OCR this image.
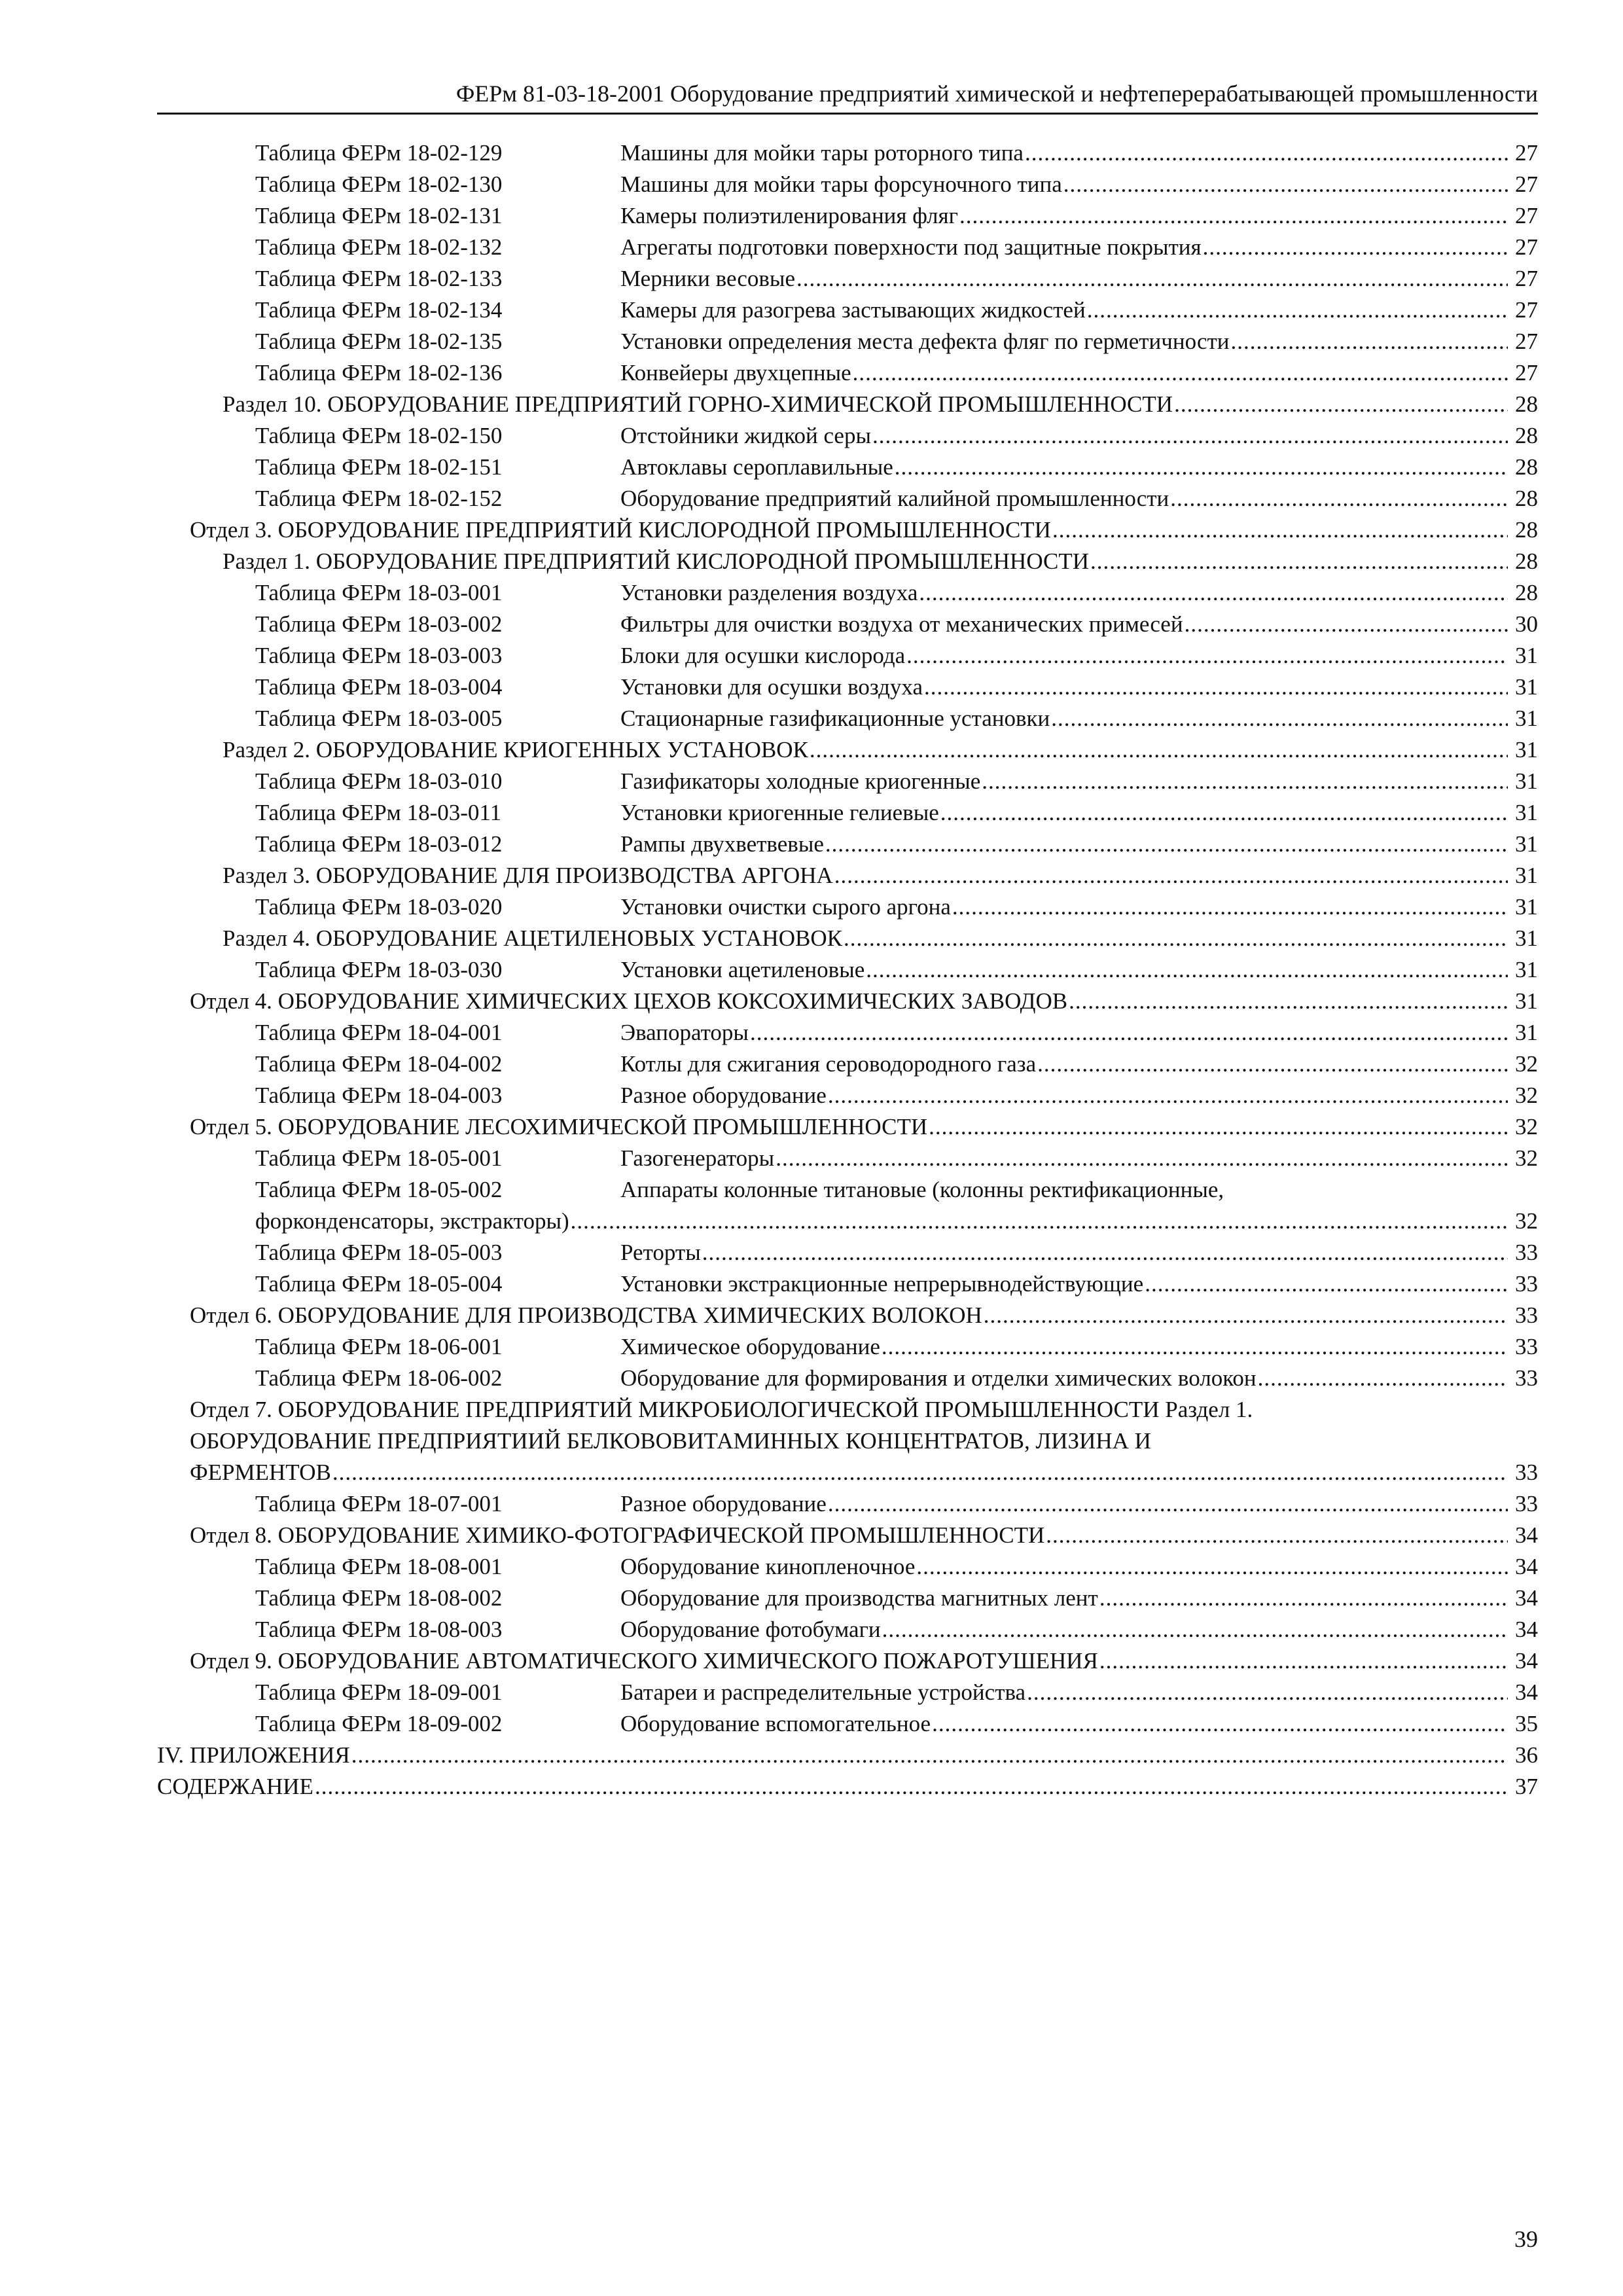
ФЕРм 81-03-18-2001 Оборудование предприятий химической и нефтеперерабатывающей промышленности
Таблица ФЕРм 18-02-129	Машины для мойки тары роторного типа .....	27
Таблица ФЕРм 18-02-130	Машины для мойки тары форсуночного типа .....	27
Таблица ФЕРм 18-02-131	Камеры полиэтиленирования фляг .....	27
Таблица ФЕРм 18-02-132	Агрегаты подготовки поверхности под защитные покрытия .....	27
Таблица ФЕРм 18-02-133	Мерники весовые .....	27
Таблица ФЕРм 18-02-134	Камеры для разогрева застывающих жидкостей .....	27
Таблица ФЕРм 18-02-135	Установки определения места дефекта фляг по герметичности .....	27
Таблица ФЕРм 18-02-136	Конвейеры двухцепные .....	27
Раздел 10. ОБОРУДОВАНИЕ ПРЕДПРИЯТИЙ ГОРНО-ХИМИЧЕСКОЙ ПРОМЫШЛЕННОСТИ .....	28
Таблица ФЕРм 18-02-150	Отстойники жидкой серы .....	28
Таблица ФЕРм 18-02-151	Автоклавы сероплавильные .....	28
Таблица ФЕРм 18-02-152	Оборудование предприятий калийной промышленности .....	28
Отдел 3. ОБОРУДОВАНИЕ ПРЕДПРИЯТИЙ КИСЛОРОДНОЙ ПРОМЫШЛЕННОСТИ .....	28
Раздел 1. ОБОРУДОВАНИЕ ПРЕДПРИЯТИЙ КИСЛОРОДНОЙ ПРОМЫШЛЕННОСТИ .....	28
Таблица ФЕРм 18-03-001	Установки разделения воздуха .....	28
Таблица ФЕРм 18-03-002	Фильтры для очистки воздуха от механических примесей .....	30
Таблица ФЕРм 18-03-003	Блоки для осушки кислорода .....	31
Таблица ФЕРм 18-03-004	Установки для осушки воздуха .....	31
Таблица ФЕРм 18-03-005	Стационарные газификационные установки .....	31
Раздел 2. ОБОРУДОВАНИЕ КРИОГЕННЫХ УСТАНОВОК .....	31
Таблица ФЕРм 18-03-010	Газификаторы холодные криогенные .....	31
Таблица ФЕРм 18-03-011	Установки криогенные гелиевые .....	31
Таблица ФЕРм 18-03-012	Рампы двухветвевые .....	31
Раздел 3. ОБОРУДОВАНИЕ ДЛЯ ПРОИЗВОДСТВА АРГОНА .....	31
Таблица ФЕРм 18-03-020	Установки очистки сырого аргона .....	31
Раздел 4. ОБОРУДОВАНИЕ АЦЕТИЛЕНОВЫХ УСТАНОВОК .....	31
Таблица ФЕРм 18-03-030	Установки ацетиленовые .....	31
Отдел 4. ОБОРУДОВАНИЕ ХИМИЧЕСКИХ ЦЕХОВ КОКСОХИМИЧЕСКИХ ЗАВОДОВ .....	31
Таблица ФЕРм 18-04-001	Эвапораторы .....	31
Таблица ФЕРм 18-04-002	Котлы для сжигания сероводородного газа .....	32
Таблица ФЕРм 18-04-003	Разное оборудование .....	32
Отдел 5. ОБОРУДОВАНИЕ ЛЕСОХИМИЧЕСКОЙ ПРОМЫШЛЕННОСТИ .....	32
Таблица ФЕРм 18-05-001	Газогенераторы .....	32
Таблица ФЕРм 18-05-002	Аппараты колонные титановые (колонны ректификационные,
форконденсаторы, экстракторы) .....	32
Таблица ФЕРм 18-05-003	Реторты .....	33
Таблица ФЕРм 18-05-004	Установки экстракционные непрерывнодействующие .....	33
Отдел 6. ОБОРУДОВАНИЕ ДЛЯ ПРОИЗВОДСТВА ХИМИЧЕСКИХ ВОЛОКОН .....	33
Таблица ФЕРм 18-06-001	Химическое оборудование .....	33
Таблица ФЕРм 18-06-002	Оборудование для формирования и отделки химических волокон .....	33
Отдел 7. ОБОРУДОВАНИЕ ПРЕДПРИЯТИЙ МИКРОБИОЛОГИЧЕСКОЙ ПРОМЫШЛЕННОСТИ Раздел 1.
ОБОРУДОВАНИЕ ПРЕДПРИЯТИИЙ БЕЛКОВОВИТАМИННЫХ КОНЦЕНТРАТОВ, ЛИЗИНА И
ФЕРМЕНТОВ .....	33
Таблица ФЕРм 18-07-001	Разное оборудование .....	33
Отдел 8. ОБОРУДОВАНИЕ ХИМИКО-ФОТОГРАФИЧЕСКОЙ ПРОМЫШЛЕННОСТИ .....	34
Таблица ФЕРм 18-08-001	Оборудование кинопленочное .....	34
Таблица ФЕРм 18-08-002	Оборудование для производства магнитных лент .....	34
Таблица ФЕРм 18-08-003	Оборудование фотобумаги .....	34
Отдел 9. ОБОРУДОВАНИЕ АВТОМАТИЧЕСКОГО ХИМИЧЕСКОГО ПОЖАРОТУШЕНИЯ .....	34
Таблица ФЕРм 18-09-001	Батареи и распределительные устройства .....	34
Таблица ФЕРм 18-09-002	Оборудование вспомогательное .....	35
IV. ПРИЛОЖЕНИЯ .....	36
СОДЕРЖАНИЕ .....	37
39
